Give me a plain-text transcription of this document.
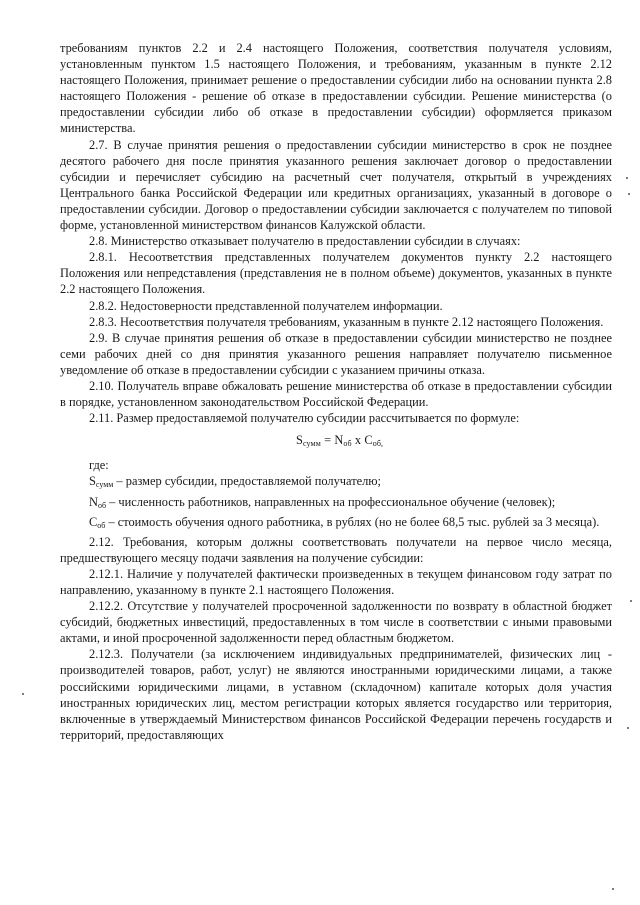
требованиям пунктов 2.2 и 2.4 настоящего Положения, соответствия получателя условиям, установленным пунктом 1.5 настоящего Положения, и требованиям, указанным в пункте 2.12 настоящего Положения, принимает решение о предоставлении субсидии либо на основании пункта 2.8 настоящего Положения - решение об отказе в предоставлении субсидии. Решение министерства (о предоставлении субсидии либо об отказе в предоставлении субсидии) оформляется приказом министерства.

2.7. В случае принятия решения о предоставлении субсидии министерство в срок не позднее десятого рабочего дня после принятия указанного решения заключает договор о предоставлении субсидии и перечисляет субсидию на расчетный счет получателя, открытый в учреждениях Центрального банка Российской Федерации или кредитных организациях, указанный в договоре о предоставлении субсидии. Договор о предоставлении субсидии заключается с получателем по типовой форме, установленной министерством финансов Калужской области.

2.8. Министерство отказывает получателю в предоставлении субсидии в случаях:

2.8.1. Несоответствия представленных получателем документов пункту 2.2 настоящего Положения или непредставления (представления не в полном объеме) документов, указанных в пункте 2.2 настоящего Положения.

2.8.2. Недостоверности представленной получателем информации.

2.8.3. Несоответствия получателя требованиям, указанным в пункте 2.12 настоящего Положения.

2.9. В случае принятия решения об отказе в предоставлении субсидии министерство не позднее семи рабочих дней со дня принятия указанного решения направляет получателю письменное уведомление об отказе в предоставлении субсидии с указанием причины отказа.

2.10. Получатель вправе обжаловать решение министерства об отказе в предоставлении субсидии в порядке, установленном законодательством Российской Федерации.

2.11. Размер предоставляемой получателю субсидии рассчитывается по формуле:

$S_{сумм} = N_{об}$ x $C_{об,}$

где:

$S_{сумм}$ – размер субсидии, предоставляемой получателю;

$N_{об}$ – численность работников, направленных на профессиональное обучение (человек);

$C_{об}$ – стоимость обучения одного работника, в рублях (но не более 68,5 тыс. рублей за 3 месяца).

2.12. Требования, которым должны соответствовать получатели на первое число месяца, предшествующего месяцу подачи заявления на получение субсидии:

2.12.1. Наличие у получателей фактически произведенных в текущем финансовом году затрат по направлению, указанному в пункте 2.1 настоящего Положения.

2.12.2. Отсутствие у получателей просроченной задолженности по возврату в областной бюджет субсидий, бюджетных инвестиций, предоставленных в том числе в соответствии с иными правовыми актами, и иной просроченной задолженности перед областным бюджетом.

2.12.3. Получатели (за исключением индивидуальных предпринимателей, физических лиц - производителей товаров, работ, услуг) не являются иностранными юридическими лицами, а также российскими юридическими лицами, в уставном (складочном) капитале которых доля участия иностранных юридических лиц, местом регистрации которых является государство или территория, включенные в утверждаемый Министерством финансов Российской Федерации перечень государств и территорий, предоставляющих
